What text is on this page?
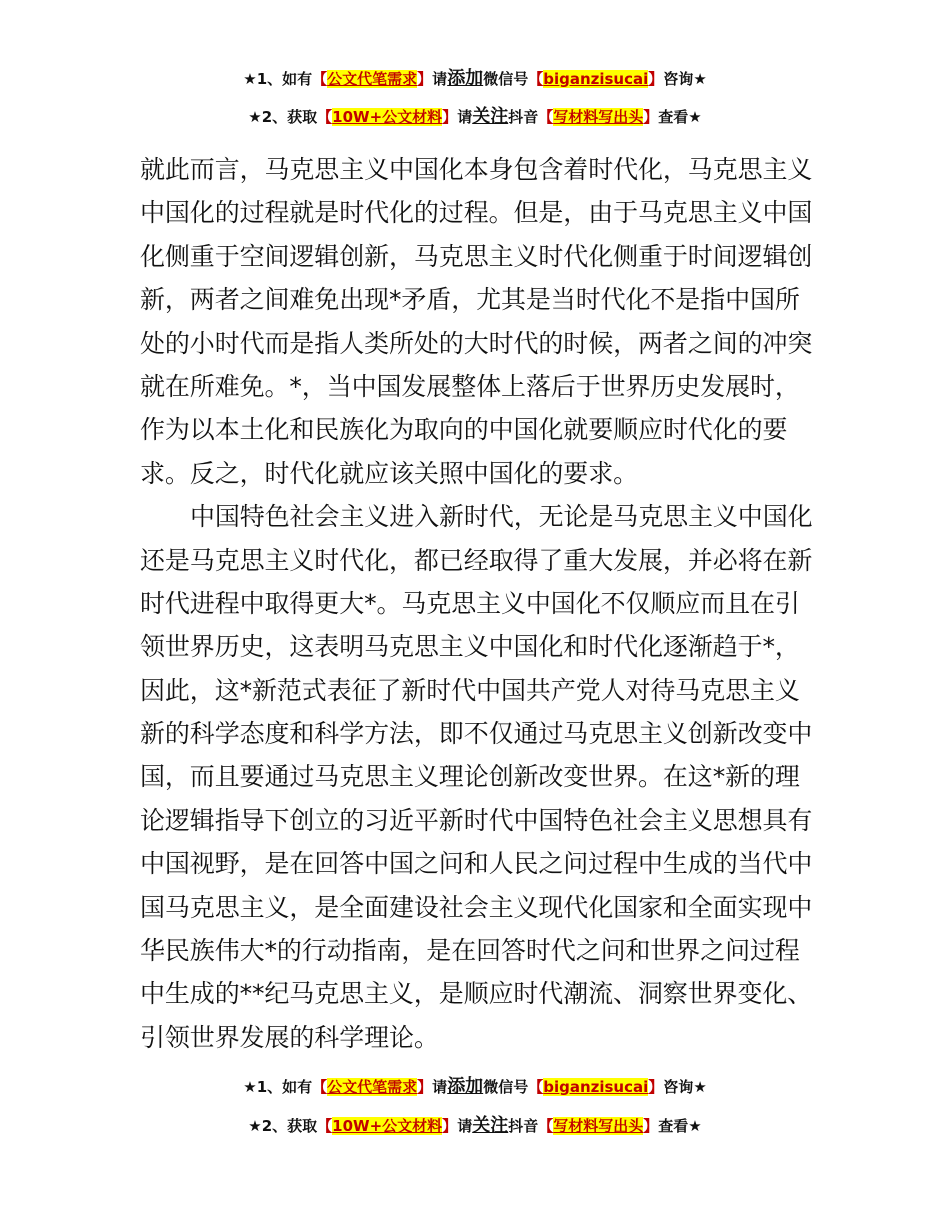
★1、如有【公文代笔需求】请添加微信号【biganzisucai】咨询★
★2、获取【10W+公文材料】请关注抖音【写材料写出头】查看★

就此而言，马克思主义中国化本身包含着时代化，马克思主义
中国化的过程就是时代化的过程。但是，由于马克思主义中国
化侧重于空间逻辑创新，马克思主义时代化侧重于时间逻辑创
新，两者之间难免出现*矛盾，尤其是当时代化不是指中国所
处的小时代而是指人类所处的大时代的时候，两者之间的冲突
就在所难免。*，当中国发展整体上落后于世界历史发展时，
作为以本土化和民族化为取向的中国化就要顺应时代化的要
求。反之，时代化就应该关照中国化的要求。

中国特色社会主义进入新时代，无论是马克思主义中国化
还是马克思主义时代化，都已经取得了重大发展，并必将在新
时代进程中取得更大*。马克思主义中国化不仅顺应而且在引
领世界历史，这表明马克思主义中国化和时代化逐渐趋于*，
因此，这*新范式表征了新时代中国共产党人对待马克思主义
新的科学态度和科学方法，即不仅通过马克思主义创新改变中
国，而且要通过马克思主义理论创新改变世界。在这*新的理
论逻辑指导下创立的习近平新时代中国特色社会主义思想具有
中国视野，是在回答中国之问和人民之问过程中生成的当代中
国马克思主义，是全面建设社会主义现代化国家和全面实现中
华民族伟大*的行动指南，是在回答时代之问和世界之问过程
中生成的**纪马克思主义，是顺应时代潮流、洞察世界变化、
引领世界发展的科学理论。

★1、如有【公文代笔需求】请添加微信号【biganzisucai】咨询★
★2、获取【10W+公文材料】请关注抖音【写材料写出头】查看★
